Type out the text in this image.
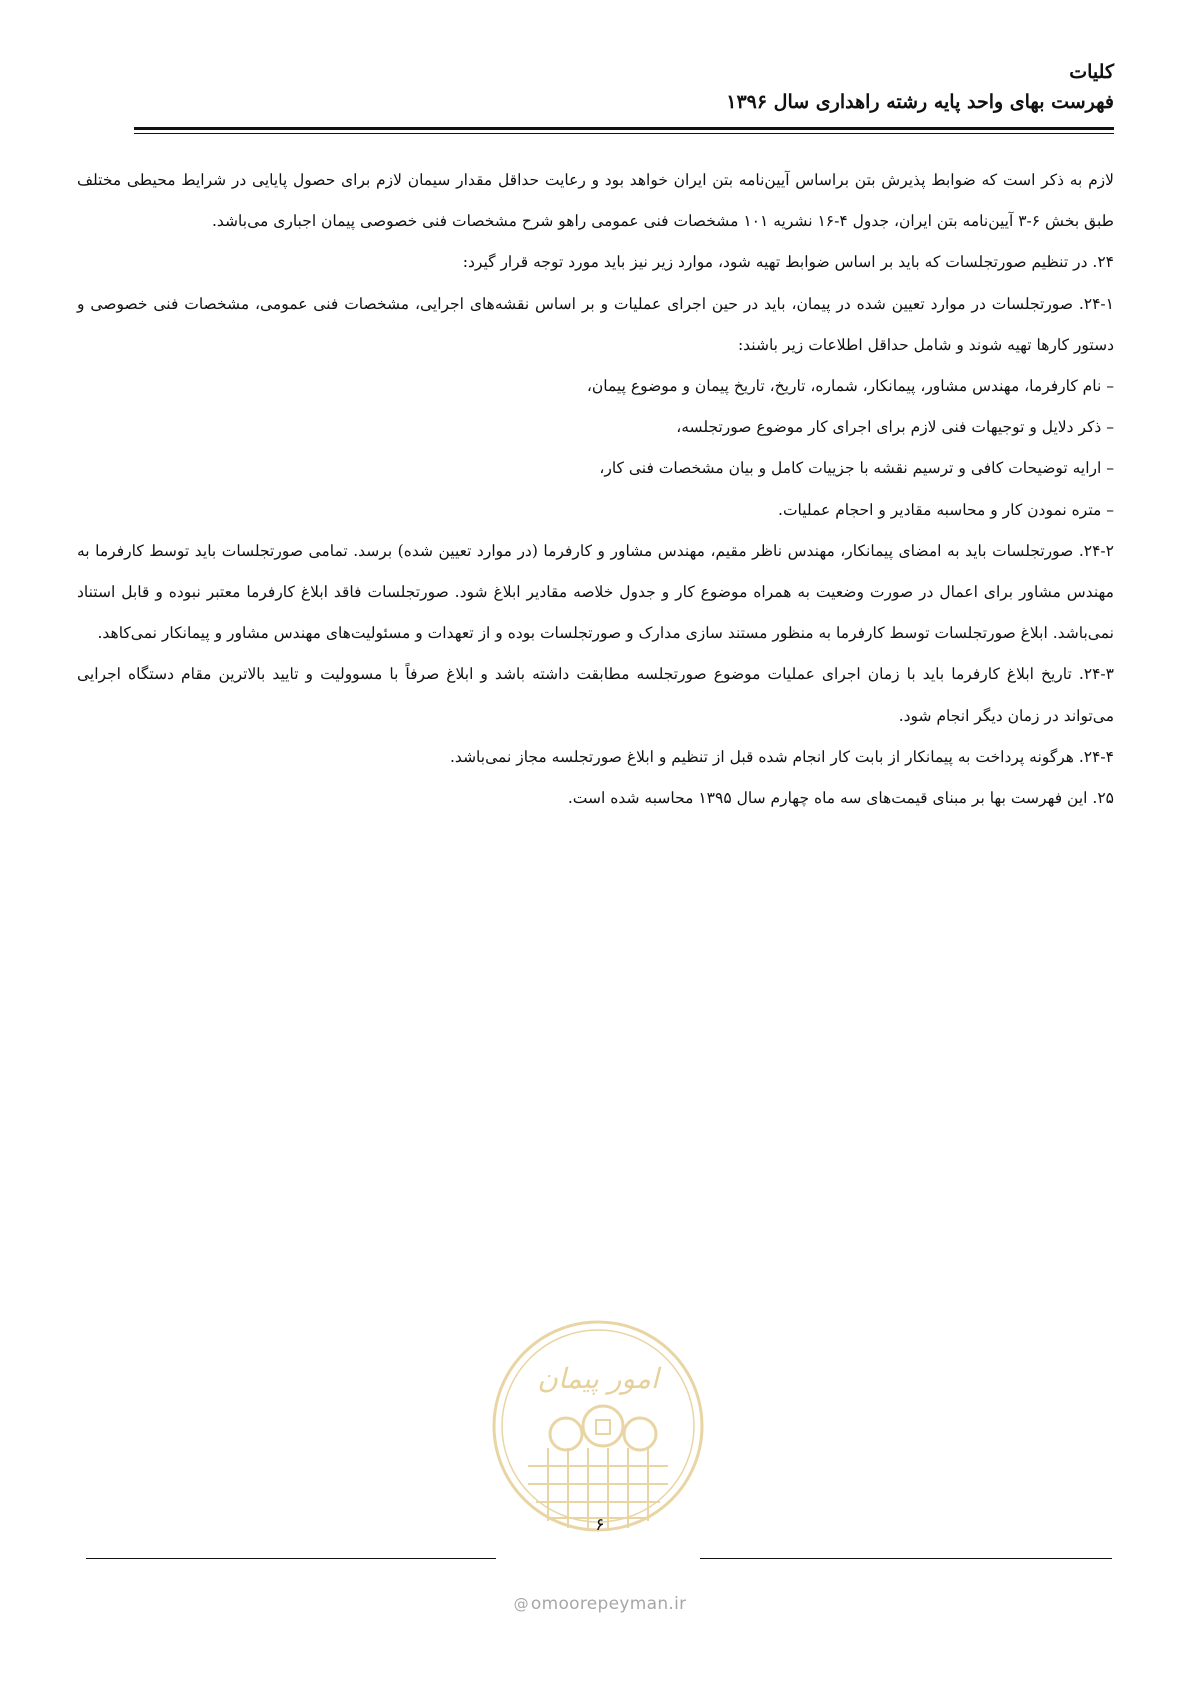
کلیات
فهرست بهای واحد پایه رشته راهداری سال ۱۳۹۶

لازم به ذکر است که ضوابط پذیرش بتن براساس آیین‌نامه بتن ایران خواهد بود و رعایت حداقل مقدار سیمان لازم برای حصول پایایی در شرایط محیطی مختلف طبق بخش ۶-۳ آیین‌نامه بتن ایران، جدول ۴-۱۶ نشریه ۱۰۱ مشخصات فنی عمومی راهو شرح مشخصات فنی خصوصی پیمان اجباری می‌باشد.

۲۴. در تنظیم صورتجلسات که باید بر اساس ضوابط تهیه شود، موارد زیر نیز باید مورد توجه قرار گیرد:

۲۴-۱. صورتجلسات در موارد تعیین شده در پیمان، باید در حین اجرای عملیات و بر اساس نقشه‌های اجرایی، مشخصات فنی عمومی، مشخصات فنی خصوصی و دستور کارها تهیه شوند و شامل حداقل اطلاعات زیر باشند:

– نام کارفرما، مهندس مشاور، پیمانکار، شماره، تاریخ، تاریخ پیمان و موضوع پیمان،

– ذکر دلایل و توجیهات فنی لازم برای اجرای کار موضوع صورتجلسه،

– ارایه توضیحات کافی و ترسیم نقشه با جزییات کامل و بیان مشخصات فنی کار،

– متره نمودن کار و محاسبه مقادیر و احجام عملیات.

۲۴-۲. صورتجلسات باید به امضای پیمانکار، مهندس ناظر مقیم، مهندس مشاور و کارفرما (در موارد تعیین شده) برسد. تمامی صورتجلسات باید توسط کارفرما به مهندس مشاور برای اعمال در صورت وضعیت به همراه موضوع کار و جدول خلاصه مقادیر ابلاغ شود. صورتجلسات فاقد ابلاغ کارفرما معتبر نبوده و قابل استناد نمی‌باشد. ابلاغ صورتجلسات توسط کارفرما به منظور مستند سازی مدارک و صورتجلسات بوده و از تعهدات و مسئولیت‌های مهندس مشاور و پیمانکار نمی‌کاهد.

۲۴-۳. تاریخ ابلاغ کارفرما باید با زمان اجرای عملیات موضوع صورتجلسه مطابقت داشته باشد و ابلاغ صرفاً با مسوولیت و تایید بالاترین مقام دستگاه اجرایی می‌تواند در زمان دیگر انجام شود.

۲۴-۴. هرگونه پرداخت به پیمانکار از بابت کار انجام شده قبل از تنظیم و ابلاغ صورتجلسه مجاز نمی‌باشد.

۲۵. این فهرست بها بر مبنای قیمت‌های سه ماه چهارم سال ۱۳۹۵ محاسبه شده است.

امور پیمان
۶
@ omoorepeyman.ir
